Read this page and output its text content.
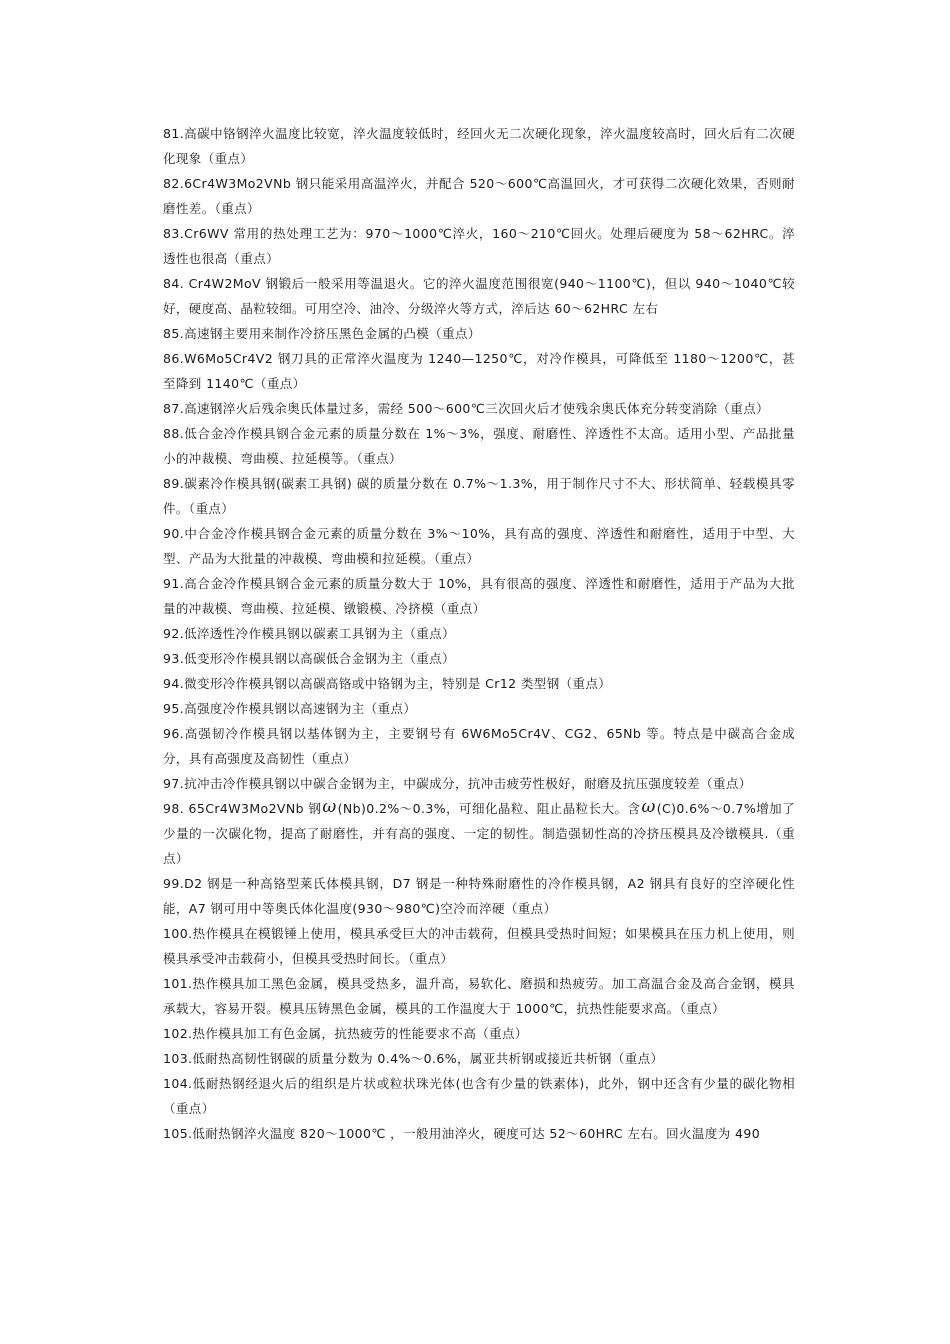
81.高碳中铬钢淬火温度比较宽，淬火温度较低时，经回火无二次硬化现象，淬火温度较高时，回火后有二次硬化现象（重点）

82.6Cr4W3Mo2VNb 钢只能采用高温淬火，并配合 520～600℃高温回火，才可获得二次硬化效果，否则耐磨性差。（重点）

83.Cr6WV 常用的热处理工艺为：970～1000℃淬火，160～210℃回火。处理后硬度为 58～62HRC。淬透性也很高（重点）

84. Cr4W2MoV 钢锻后一般采用等温退火。它的淬火温度范围很宽(940～1100℃)，但以 940～1040℃较好，硬度高、晶粒较细。可用空冷、油冷、分级淬火等方式，淬后达 60～62HRC 左右

85.高速钢主要用来制作冷挤压黑色金属的凸模（重点）

86.W6Mo5Cr4V2 钢刀具的正常淬火温度为 1240—1250℃，对冷作模具，可降低至 1180～1200℃，甚至降到 1140℃（重点）

87.高速钢淬火后残余奥氏体量过多，需经 500～600℃三次回火后才使残余奥氏体充分转变消除（重点）

88.低合金冷作模具钢合金元素的质量分数在 1%～3%，强度、耐磨性、淬透性不太高。适用小型、产品批量小的冲裁模、弯曲模、拉延模等。（重点）

89.碳素冷作模具钢(碳素工具钢) 碳的质量分数在 0.7%～1.3%，用于制作尺寸不大、形状简单、轻载模具零件。（重点）

90.中合金冷作模具钢合金元素的质量分数在 3%～10%，具有高的强度、淬透性和耐磨性，适用于中型、大型、产品为大批量的冲裁模、弯曲模和拉延模。（重点）

91.高合金冷作模具钢合金元素的质量分数大于 10%，具有很高的强度、淬透性和耐磨性，适用于产品为大批量的冲裁模、弯曲模、拉延模、镦锻模、冷挤模（重点）

92.低淬透性冷作模具钢以碳素工具钢为主（重点）

93.低变形冷作模具钢以高碳低合金钢为主（重点）

94.微变形冷作模具钢以高碳高铬或中铬钢为主，特别是 Cr12 类型钢（重点）

95.高强度冷作模具钢以高速钢为主（重点）

96.高强韧冷作模具钢以基体钢为主，主要钢号有 6W6Mo5Cr4V、CG2、65Nb 等。特点是中碳高合金成分，具有高强度及高韧性（重点）

97.抗冲击冷作模具钢以中碳合金钢为主，中碳成分，抗冲击疲劳性极好，耐磨及抗压强度较差（重点）

98. 65Cr4W3Mo2VNb 钢ω(Nb)0.2%～0.3%，可细化晶粒、阻止晶粒长大。含ω(C)0.6%～0.7%增加了少量的一次碳化物，提高了耐磨性，并有高的强度、一定的韧性。制造强韧性高的冷挤压模具及冷镦模具.（重点）

99.D2 钢是一种高铬型莱氏体模具钢，D7 钢是一种特殊耐磨性的冷作模具钢，A2 钢具有良好的空淬硬化性能，A7 钢可用中等奥氏体化温度(930～980℃)空冷而淬硬（重点）

100.热作模具在模锻锤上使用，模具承受巨大的冲击载荷，但模具受热时间短；如果模具在压力机上使用，则模具承受冲击载荷小，但模具受热时间长。（重点）

101.热作模具加工黑色金属，模具受热多，温升高，易软化、磨损和热疲劳。加工高温合金及高合金钢，模具承载大，容易开裂。模具压铸黑色金属，模具的工作温度大于 1000℃，抗热性能要求高。（重点）

102.热作模具加工有色金属，抗热疲劳的性能要求不高（重点）

103.低耐热高韧性钢碳的质量分数为 0.4%～0.6%，属亚共析钢或接近共析钢（重点）

104.低耐热钢经退火后的组织是片状或粒状珠光体(也含有少量的铁素体)，此外，钢中还含有少量的碳化物相（重点）

105.低耐热钢淬火温度 820～1000℃ ，一般用油淬火，硬度可达 52～60HRC 左右。回火温度为 490
